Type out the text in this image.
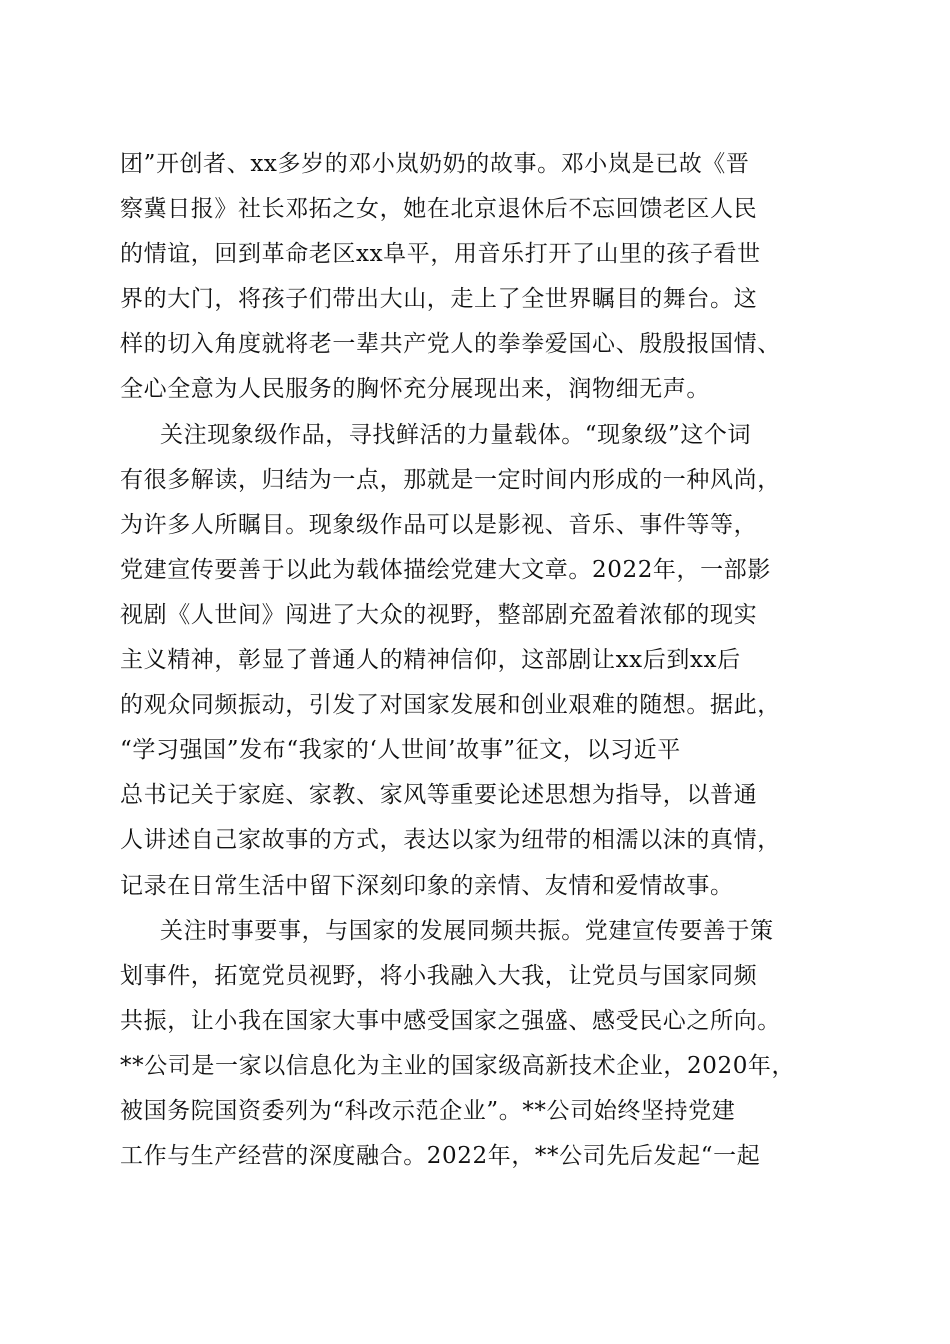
团”开创者、xx多岁的邓小岚奶奶的故事。邓小岚是已故《晋
察冀日报》社长邓拓之女，她在北京退休后不忘回馈老区人民
的情谊，回到革命老区xx阜平，用音乐打开了山里的孩子看世
界的大门，将孩子们带出大山，走上了全世界瞩目的舞台。这
样的切入角度就将老一辈共产党人的拳拳爱国心、殷殷报国情、
全心全意为人民服务的胸怀充分展现出来，润物细无声。
关注现象级作品，寻找鲜活的力量载体。“现象级”这个词
有很多解读，归结为一点，那就是一定时间内形成的一种风尚，
为许多人所瞩目。现象级作品可以是影视、音乐、事件等等，
党建宣传要善于以此为载体描绘党建大文章。2022年，一部影
视剧《人世间》闯进了大众的视野，整部剧充盈着浓郁的现实
主义精神，彰显了普通人的精神信仰，这部剧让xx后到xx后
的观众同频振动，引发了对国家发展和创业艰难的随想。据此，
“学习强国”发布“我家的‘人世间’故事”征文，以习近平
总书记关于家庭、家教、家风等重要论述思想为指导，以普通
人讲述自己家故事的方式，表达以家为纽带的相濡以沫的真情，
记录在日常生活中留下深刻印象的亲情、友情和爱情故事。
关注时事要事，与国家的发展同频共振。党建宣传要善于策
划事件，拓宽党员视野，将小我融入大我，让党员与国家同频
共振，让小我在国家大事中感受国家之强盛、感受民心之所向。
**公司是一家以信息化为主业的国家级高新技术企业，2020年，
被国务院国资委列为“科改示范企业”。**公司始终坚持党建
工作与生产经营的深度融合。2022年，**公司先后发起“一起
